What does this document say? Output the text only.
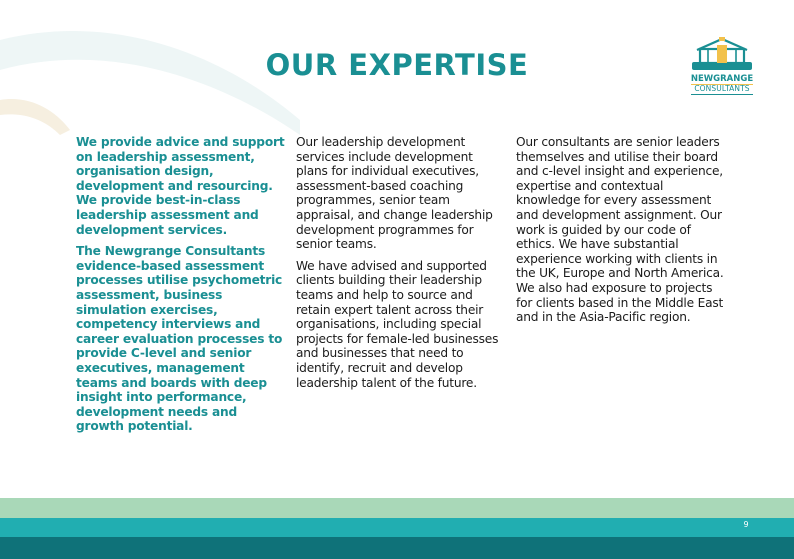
OUR EXPERTISE	NEWGRANGE
CONSULTANTS

We provide advice and support on leadership assessment, organisation design, development and resourcing. We provide best-in-class leadership assessment and development services.

The Newgrange Consultants evidence-based assessment processes utilise psychometric assessment, business simulation exercises, competency interviews and career evaluation processes to provide C-level and senior executives, management teams and boards with deep insight into performance, development needs and growth potential.

Our leadership development services include development plans for individual executives, assessment-based coaching programmes, senior team appraisal, and change leadership development programmes for senior teams.

We have advised and supported clients building their leadership teams and help to source and retain expert talent across their organisations, including special projects for female-led businesses and businesses that need to identify, recruit and develop leadership talent of the future.

Our consultants are senior leaders themselves and utilise their board and c-level insight and experience, expertise and contextual knowledge for every assessment and development assignment. Our work is guided by our code of ethics. We have substantial experience working with clients in the UK, Europe and North America. We also had exposure to projects for clients based in the Middle East and in the Asia-Pacific region.

9
